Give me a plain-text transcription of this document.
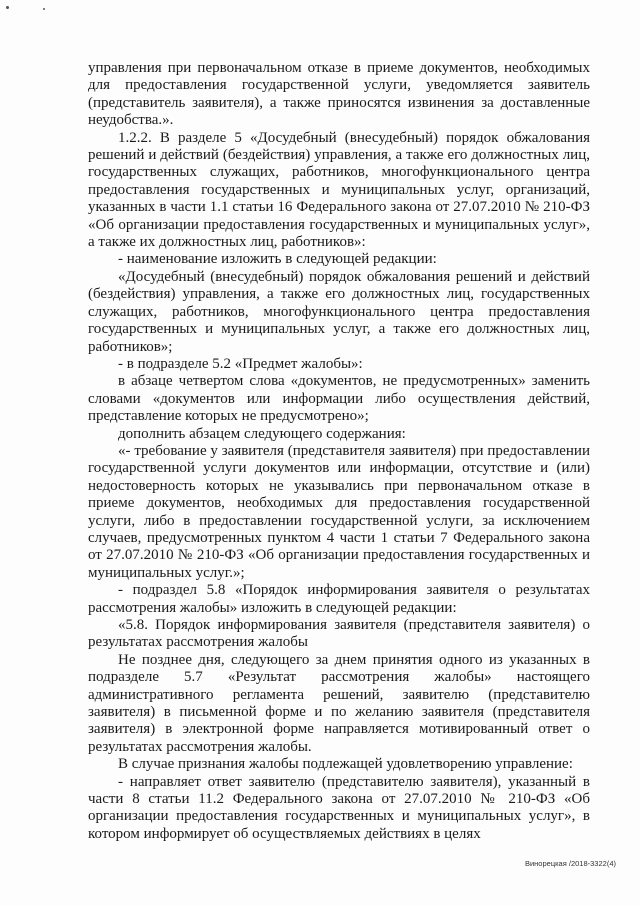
управления при первоначальном отказе в приеме документов, необходимых для предоставления государственной услуги, уведомляется заявитель (представитель заявителя), а также приносятся извинения за доставленные неудобства.».

1.2.2. В разделе 5 «Досудебный (внесудебный) порядок обжалования решений и действий (бездействия) управления, а также его должностных лиц, государственных служащих, работников, многофункционального центра предоставления государственных и муниципальных услуг, организаций, указанных в части 1.1 статьи 16 Федерального закона от 27.07.2010 № 210-ФЗ «Об организации предоставления государственных и муниципальных услуг», а также их должностных лиц, работников»:

- наименование изложить в следующей редакции:

«Досудебный (внесудебный) порядок обжалования решений и действий (бездействия) управления, а также его должностных лиц, государственных служащих, работников, многофункционального центра предоставления государственных и муниципальных услуг, а также его должностных лиц, работников»;

- в подразделе 5.2 «Предмет жалобы»:

в абзаце четвертом слова «документов, не предусмотренных» заменить словами «документов или информации либо осуществления действий, представление которых не предусмотрено»;

дополнить абзацем следующего содержания:

«- требование у заявителя (представителя заявителя) при предоставлении государственной услуги документов или информации, отсутствие и (или) недостоверность которых не указывались при первоначальном отказе в приеме документов, необходимых для предоставления государственной услуги, либо в предоставлении государственной услуги, за исключением случаев, предусмотренных пунктом 4 части 1 статьи 7 Федерального закона от 27.07.2010 № 210-ФЗ «Об организации предоставления государственных и муниципальных услуг.»;

- подраздел 5.8 «Порядок информирования заявителя о результатах рассмотрения жалобы» изложить в следующей редакции:

«5.8. Порядок информирования заявителя (представителя заявителя) о результатах рассмотрения жалобы

Не позднее дня, следующего за днем принятия одного из указанных в подразделе 5.7 «Результат рассмотрения жалобы» настоящего административного регламента решений, заявителю (представителю заявителя) в письменной форме и по желанию заявителя (представителя заявителя) в электронной форме направляется мотивированный ответ о результатах рассмотрения жалобы.

В случае признания жалобы подлежащей удовлетворению управление:

- направляет ответ заявителю (представителю заявителя), указанный в части 8 статьи 11.2 Федерального закона от 27.07.2010 № 210-ФЗ «Об организации предоставления государственных и муниципальных услуг», в котором информирует об осуществляемых действиях в целях

Винорецкая /2018-3322(4)
